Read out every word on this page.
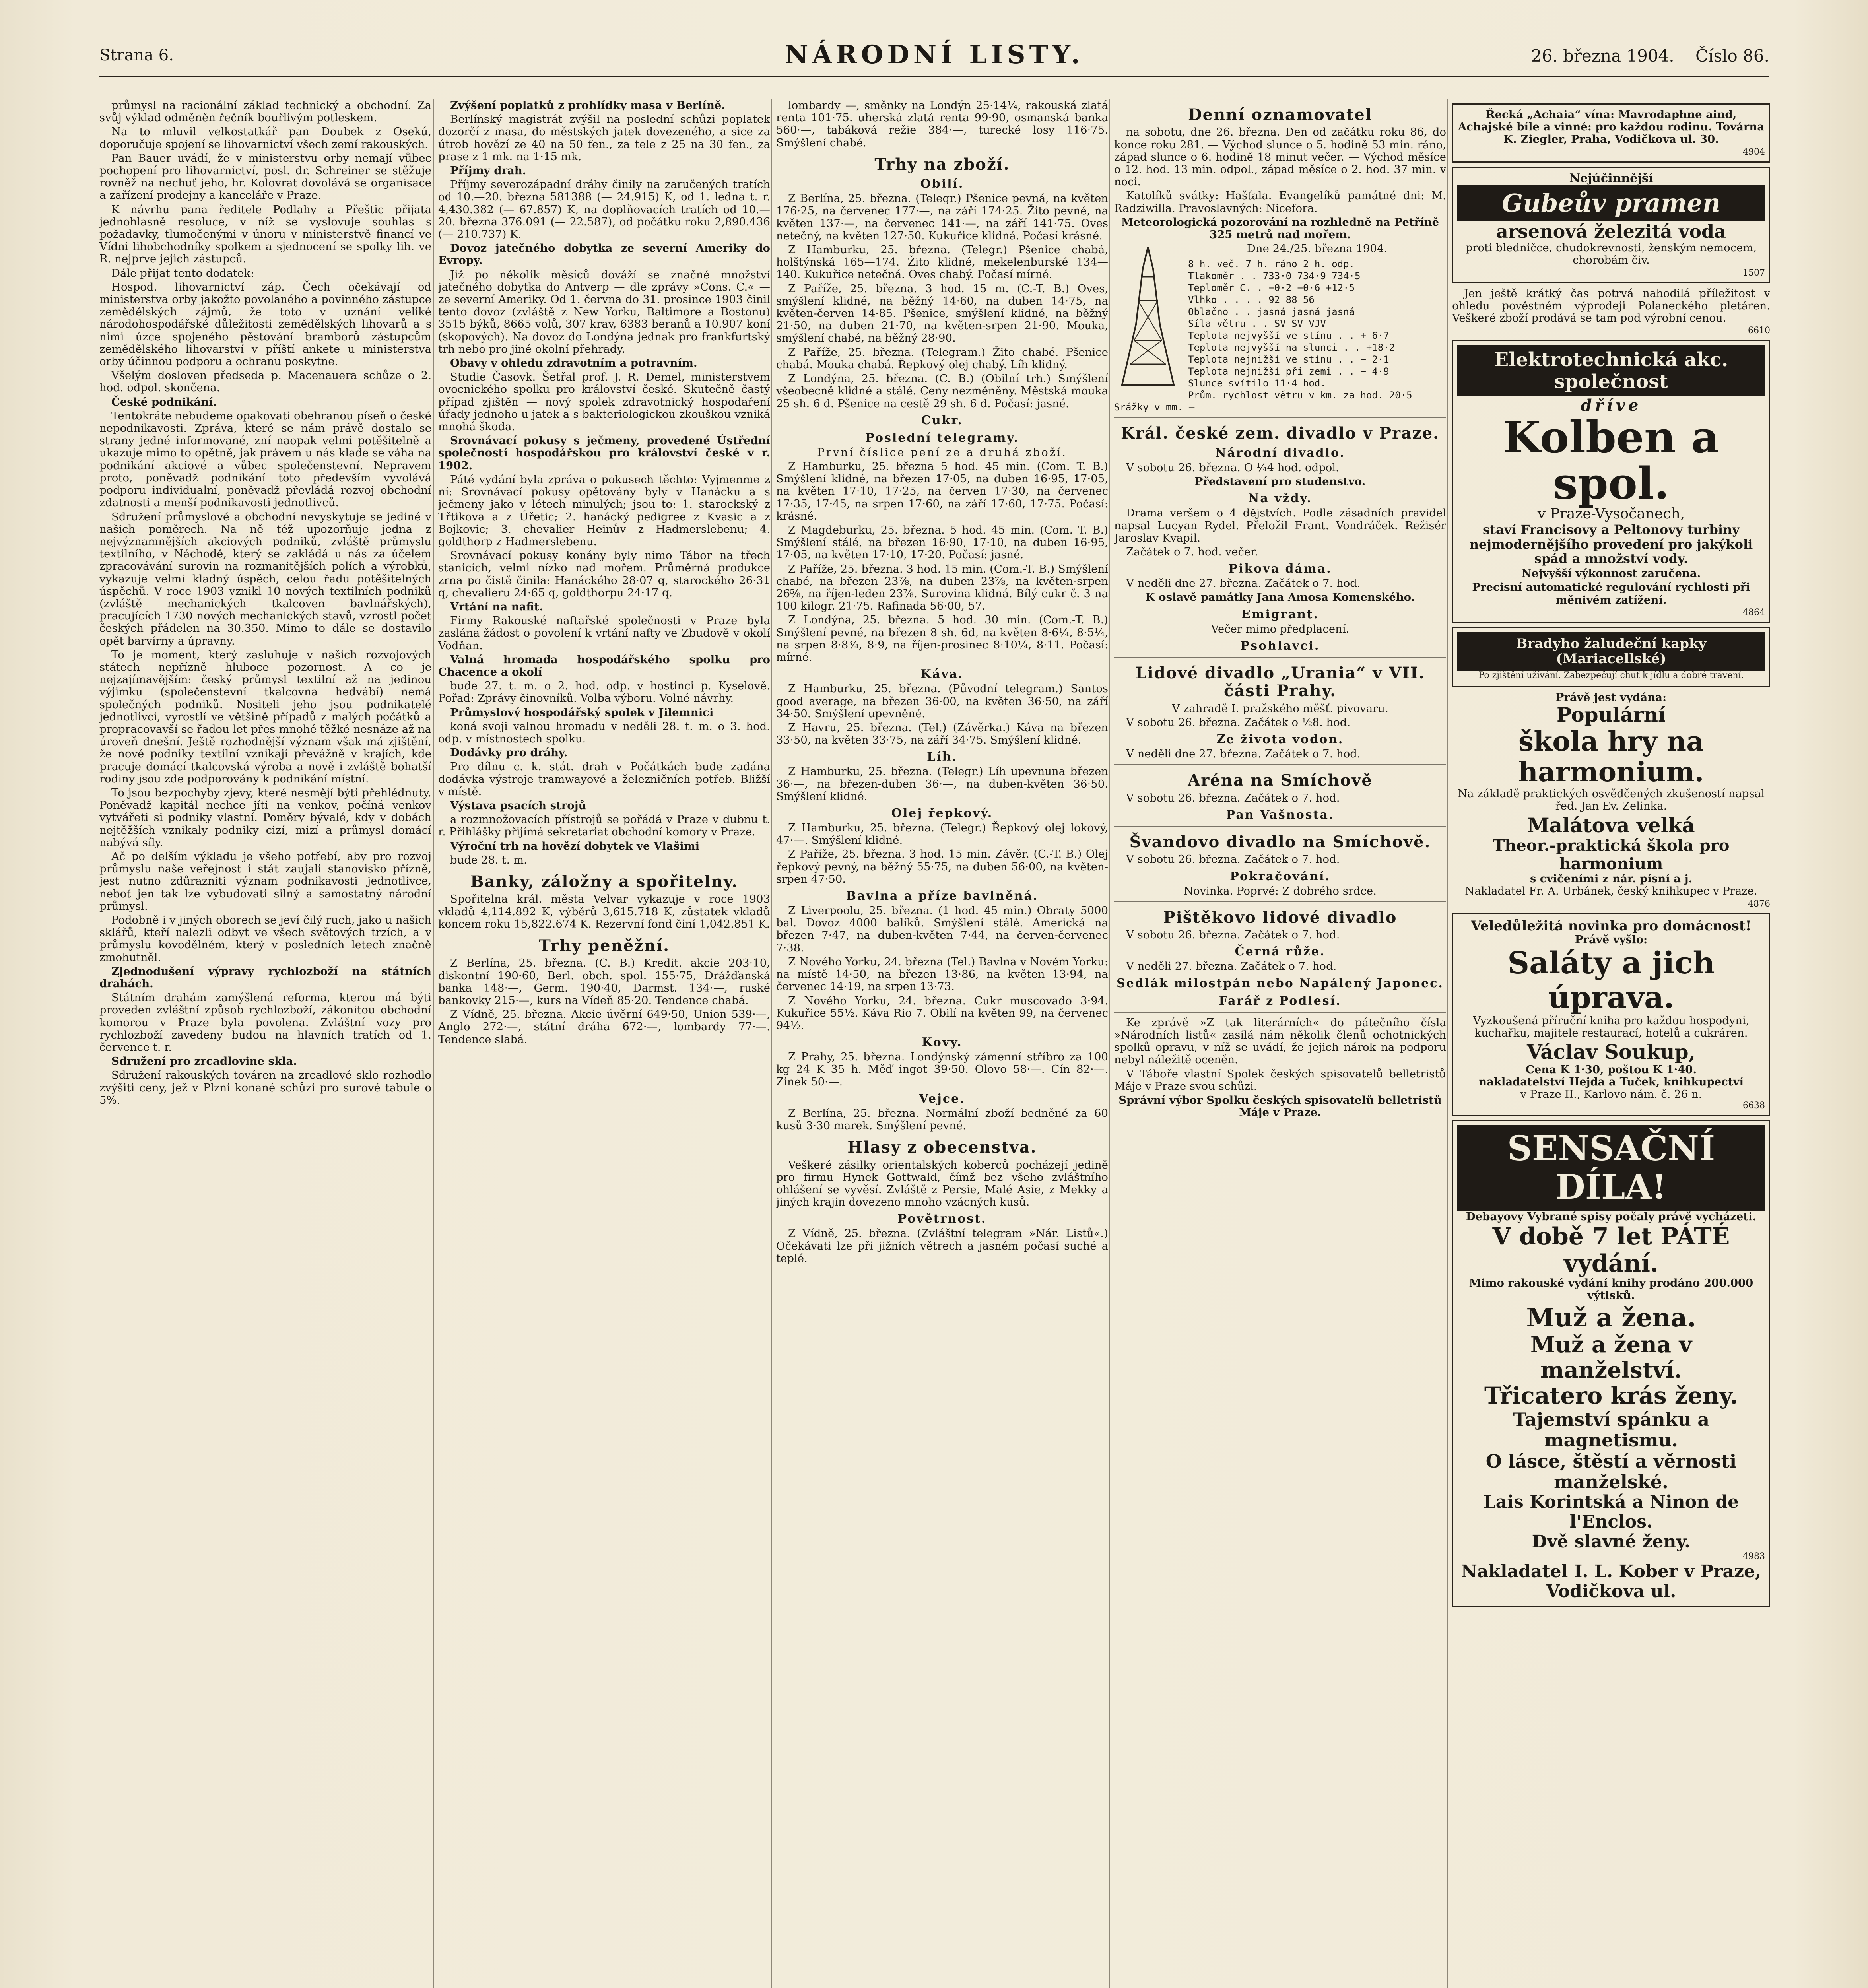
Strana 6.	NÁRODNÍ LISTY.	26. března 1904. Číslo 86.

průmysl na racionální základ technický a obchodní. Za svůj výklad odměněn řečník bouřlivým potleskem.

Na to mluvil velkostatkář pan Doubek z Osekú, doporučuje spojení se lihovarnictví všech zemí rakouských.

Pan Bauer uvádí, že v ministerstvu orby nemají vůbec pochopení pro lihovarnictví, posl. dr. Schreiner se stěžuje rovněž na nechuť jeho, hr. Kolovrat dovolává se organisace a zařízení prodejny a kanceláře v Praze.

K návrhu pana ředitele Podlahy a Přeštic přijata jednohlasně resoluce, v níž se vyslovuje souhlas s požadavky, tlumočenými v únoru v ministerstvě financí ve Vídni lihobchodníky spolkem a sjednocení se spolky lih. ve R. nejprve jejich zástupců.

Dále přijat tento dodatek:

Hospod. lihovarnictví záp. Čech očekávají od ministerstva orby jakožto povolaného a povinného zástupce zemědělských zájmů, že toto v uznání veliké národohospodářské důležitosti zemědělských lihovarů a s nimi úzce spojeného pěstování bramborů zástupcům zemědělského lihovarství v příští ankete u ministerstva orby účinnou podporu a ochranu poskytne.

Všelým dosloven předseda p. Macenauera schůze o 2. hod. odpol. skončena.

České podnikání.

Tentokráte nebudeme opakovati obehranou píseň o české nepodnikavosti. Zpráva, které se nám právě dostalo se strany jedné informované, zní naopak velmi potěšitelně a ukazuje mimo to opětně, jak právem u nás klade se váha na podnikání akciové a vůbec společenstevní. Nepravem proto, poněvadž podnikání toto především vyvolává podporu individualní, poněvadž převládá rozvoj obchodní zdatnosti a menší podnikavosti jednotlivců.

Sdružení průmyslové a obchodní nevyskytuje se jediné v našich poměrech. Na ně též upozorňuje jedna z nejvýznamnějších akciových podniků, zvláště průmyslu textilního, v Náchodě, který se zakládá u nás za účelem zpracovávání surovin na rozmanitějších polích a výrobků, vykazuje velmi kladný úspěch, celou řadu potěšitelných úspěchů. V roce 1903 vznikl 10 nových textilních podniků (zvláště mechanických tkalcoven bavlnářských), pracujících 1730 nových mechanických stavů, vzrostl počet českých přádelen na 30.350. Mimo to dále se dostavilo opět barvírny a úpravny.

To je moment, který zasluhuje v našich rozvojových státech nepřízně hluboce pozornost. A co je nejzajímavějším: český průmysl textilní až na jedinou výjimku (společenstevní tkalcovna hedvábí) nemá společných podniků. Nositeli jeho jsou podnikatelé jednotlivci, vyrostlí ve většině případů z malých počátků a propracovavší se řadou let přes mnohé těžké nesnáze až na úroveň dnešní. Ještě rozhodnější význam však má zjištění, že nové podniky textilní vznikají převážně v krajích, kde pracuje domácí tkalcovská výroba a nově i zvláště bohatší rodiny jsou zde podporovány k podnikání místní.

To jsou bezpochyby zjevy, které nesmějí býti přehlédnuty. Poněvadž kapitál nechce jíti na venkov, počíná venkov vytvářeti si podniky vlastní. Poměry bývalé, kdy v dobách nejtěžších vznikaly podniky cizí, mizí a průmysl domácí nabývá síly.

Ač po delším výkladu je všeho potřebí, aby pro rozvoj průmyslu naše veřejnost i stát zaujali stanovisko přízně, jest nutno zdůrazniti význam podnikavosti jednotlivce, neboť jen tak lze vybudovati silný a samostatný národní průmysl.

Podobně i v jiných oborech se jeví čilý ruch, jako u našich sklářů, kteří nalezli odbyt ve všech světových trzích, a v průmyslu kovodělném, který v posledních letech značně zmohutněl.

Zjednodušení výpravy rychlozboží na státních drahách.

Státním drahám zamýšlená reforma, kterou má býti proveden zvláštní způsob rychlozboží, zákonitou obchodní komorou v Praze byla povolena. Zvláštní vozy pro rychlozboží zavedeny budou na hlavních tratích od 1. července t. r.

Sdružení pro zrcadlovine skla.

Sdružení rakouských továren na zrcadlové sklo rozhodlo zvýšiti ceny, jež v Plzni konané schůzi pro surové tabule o 5%.

Zvýšení poplatků z prohlídky masa v Berlíně.

Berlínský magistrát zvýšil na poslední schůzi poplatek dozorčí z masa, do městských jatek dovezeného, a sice za útrob hovězí ze 40 na 50 fen., za tele z 25 na 30 fen., za prase z 1 mk. na 1·15 mk.

Příjmy drah.

Příjmy severozápadní dráhy činily na zaručených tratích od 10.—20. března 581388 (— 24.915) K, od 1. ledna t. r. 4,430.382 (— 67.857) K, na doplňovacích tratích od 10.—20. března 376.091 (— 22.587), od počátku roku 2,890.436 (— 210.737) K.

Dovoz jatečného dobytka ze severní Ameriky do Evropy.

Již po několik měsíců dováží se značné množství jatečného dobytka do Antverp — dle zprávy »Cons. C.« — ze severní Ameriky. Od 1. června do 31. prosince 1903 činil tento dovoz (zvláště z New Yorku, Baltimore a Bostonu) 3515 býků, 8665 volů, 307 krav, 6383 beranů a 10.907 koní (skopových). Na dovoz do Londýna jednak pro frankfurtský trh nebo pro jiné okolní přehrady.

Obavy v ohledu zdravotním a potravním.

Studie Časovk. Šetřal prof. J. R. Demel, ministerstvem ovocnického spolku pro království české. Skutečně častý případ zjištěn — nový spolek zdravotnický hospodaření úřady jednoho u jatek a s bakteriologickou zkouškou vzniká mnohá škoda.

Srovnávací pokusy s ječmeny, provedené Ústřední společností hospodářskou pro království české v r. 1902.

Páté vydání byla zpráva o pokusech těchto: Vyjmenme z ní: Srovnávací pokusy opětovány byly v Hanácku a s ječmeny jako v létech minulých; jsou to: 1. starockský z Třtikova a z Úřetic; 2. hanácký pedigree z Kvasic a z Bojkovic; 3. chevalier Heinův z Hadmerslebenu; 4. goldthorp z Hadmerslebenu.

Srovnávací pokusy konány byly nimo Tábor na třech stanicích, velmi nízko nad mořem. Průměrná produkce zrna po čistě činila: Hanáckého 28·07 q, starockého 26·31 q, chevalieru 24·65 q, goldthorpu 24·17 q.

Vrtání na nafit.

Firmy Rakouské naftařské společnosti v Praze byla zaslána žádost o povolení k vrtání nafty ve Zbudově v okolí Vodňan.

Valná hromada hospodářského spolku pro Chacence a okolí

bude 27. t. m. o 2. hod. odp. v hostinci p. Kyselově. Pořad: Zprávy činovníků. Volba výboru. Volné návrhy.

Průmyslový hospodářský spolek v Jilemnici

koná svoji valnou hromadu v neděli 28. t. m. o 3. hod. odp. v místnostech spolku.

Dodávky pro dráhy.

Pro dílnu c. k. stát. drah v Počátkách bude zadána dodávka výstroje tramwayové a železničních potřeb. Bližší v místě.

Výstava psacích strojů

a rozmnožovacích přístrojů se pořádá v Praze v dubnu t. r. Přihlášky přijímá sekretariat obchodní komory v Praze.

Výroční trh na hovězí dobytek ve Vlašimi

bude 28. t. m.

Banky, záložny a spořitelny.

Spořitelna král. města Velvar vykazuje v roce 1903 vkladů 4,114.892 K, výběrů 3,615.718 K, zůstatek vkladů koncem roku 15,822.674 K. Rezervní fond činí 1,042.851 K.

Trhy peněžní.

Z Berlína, 25. března. (C. B.) Kredit. akcie 203·10, diskontní 190·60, Berl. obch. spol. 155·75, Drážďanská banka 148·—, Germ. 190·40, Darmst. 134·—, ruské bankovky 215·—, kurs na Vídeň 85·20. Tendence chabá.

Z Vídně, 25. března. Akcie úvěrní 649·50, Union 539·—, Anglo 272·—, státní dráha 672·—, lombardy 77·—. Tendence slabá.

lombardy —, směnky na Londýn 25·14¼, rakouská zlatá renta 101·75. uherská zlatá renta 99·90, osmanská banka 560·—, tabáková režie 384·—, turecké losy 116·75. Smýšlení chabé.

Trhy na zboží.
Obilí.

Z Berlína, 25. března. (Telegr.) Pšenice pevná, na květen 176·25, na červenec 177·—, na září 174·25. Žito pevné, na květen 137·—, na červenec 141·—, na září 141·75. Oves netečný, na květen 127·50. Kukuřice klidná. Počasí krásné.

Z Hamburku, 25. března. (Telegr.) Pšenice chabá, holštýnská 165—174. Žito klidné, mekelenburské 134—140. Kukuřice netečná. Oves chabý. Počasí mírné.

Z Paříže, 25. března. 3 hod. 15 m. (C.-T. B.) Oves, smýšlení klidné, na běžný 14·60, na duben 14·75, na květen-červen 14·85. Pšenice, smýšlení klidné, na běžný 21·50, na duben 21·70, na květen-srpen 21·90. Mouka, smýšlení chabé, na běžný 28·90.

Z Paříže, 25. března. (Telegram.) Žito chabé. Pšenice chabá. Mouka chabá. Řepkový olej chabý. Líh klidný.

Z Londýna, 25. března. (C. B.) (Obilní trh.) Smýšlení všeobecně klidné a stálé. Ceny nezměněny. Městská mouka 25 sh. 6 d. Pšenice na cestě 29 sh. 6 d. Počasí: jasné.

Cukr.
Poslední telegramy.

První číslice pení ze a druhá zboží.

Z Hamburku, 25. března 5 hod. 45 min. (Com. T. B.) Smýšlení klidné, na březen 17·05, na duben 16·95, 17·05, na květen 17·10, 17·25, na červen 17·30, na červenec 17·35, 17·45, na srpen 17·60, na září 17·60, 17·75. Počasí: krásné.

Z Magdeburku, 25. března. 5 hod. 45 min. (Com. T. B.) Smýšlení stálé, na březen 16·90, 17·10, na duben 16·95, 17·05, na květen 17·10, 17·20. Počasí: jasné.

Z Paříže, 25. března. 3 hod. 15 min. (Com.-T. B.) Smýšlení chabé, na březen 23⅞, na duben 23⅞, na květen-srpen 26⅝, na říjen-leden 23⅞. Surovina klidná. Bílý cukr č. 3 na 100 kilogr. 21·75. Rafinada 56·00, 57.

Z Londýna, 25. března. 5 hod. 30 min. (Com.-T. B.) Smýšlení pevné, na březen 8 sh. 6d, na květen 8·6¼, 8·5¼, na srpen 8·8¾, 8·9, na říjen-prosinec 8·10¼, 8·11. Počasí: mírné.

Káva.

Z Hamburku, 25. března. (Původní telegram.) Santos good average, na březen 36·00, na květen 36·50, na září 34·50. Smýšlení upevněné.

Z Havru, 25. března. (Tel.) (Závěrka.) Káva na březen 33·50, na květen 33·75, na září 34·75. Smýšlení klidné.

Líh.

Z Hamburku, 25. března. (Telegr.) Líh upevnuna březen 36·—, na březen-duben 36·—, na duben-květen 36·50. Smýšlení klidné.

Olej řepkový.

Z Hamburku, 25. března. (Telegr.) Řepkový olej lokový, 47·—. Smýšlení klidné.

Z Paříže, 25. března. 3 hod. 15 min. Závěr. (C.-T. B.) Olej řepkový pevný, na běžný 55·75, na duben 56·00, na květen-srpen 47·50.

Bavlna a příze bavlněná.

Z Liverpoolu, 25. března. (1 hod. 45 min.) Obraty 5000 bal. Dovoz 4000 balíků. Smýšlení stálé. Americká na březen 7·47, na duben-květen 7·44, na červen-červenec 7·38.

Z Nového Yorku, 24. března (Tel.) Bavlna v Novém Yorku: na místě 14·50, na březen 13·86, na květen 13·94, na červenec 14·19, na srpen 13·73.

Z Nového Yorku, 24. března. Cukr muscovado 3·94. Kukuřice 55½. Káva Rio 7. Obilí na květen 99, na červenec 94½.

Kovy.

Z Prahy, 25. března. Londýnský zámenní stříbro za 100 kg 24 K 35 h. Měď ingot 39·50. Olovo 58·—. Cín 82·—. Zinek 50·—.

Vejce.

Z Berlína, 25. března. Normální zboží bedněné za 60 kusů 3·30 marek. Smýšlení pevné.

Hlasy z obecenstva.

Veškeré zásilky orientalských koberců pocházejí jedině pro firmu Hynek Gottwald, čímž bez všeho zvláštního ohlášení se vyvěsí. Zvláště z Persie, Malé Asie, z Mekky a jiných krajin dovezeno mnoho vzácných kusů.

Povětrnost.

Z Vídně, 25. března. (Zvláštní telegram »Nár. Listů«.) Očekávati lze při jižních větrech a jasném počasí suché a teplé.

Denní oznamovatel

na sobotu, dne 26. března. Den od začátku roku 86, do konce roku 281. — Východ slunce o 5. hodině 53 min. ráno, západ slunce o 6. hodině 18 minut večer. — Východ měsíce o 12. hod. 13 min. odpol., západ měsíce o 2. hod. 37 min. v noci.

Katolíků svátky: Hašťala. Evangelíků památné dni: M. Radziwilla. Pravoslavných: Nicefora.

Meteorologická pozorování na rozhledně na Petříně 325 metrů nad mořem.

Dne 24./25. března 1904.

8 h. več. 7 h. ráno 2 h. odp.
Tlakoměr . . 733·0 734·9 734·5
Teploměr C. . −0·2 −0·6 +12·5
Vlhko . . . . 92 88 56
Oblačno . . jasná jasná jasná
Síla větru . . SV SV VJV
Teplota nejvyšší ve stínu . . + 6·7
Teplota nejvyšší na slunci . . +18·2
Teplota nejnižší ve stínu . . − 2·1
Teplota nejnižší při zemi . . − 4·9
Slunce svítilo 11·4 hod.
Prům. rychlost větru v km. za hod. 20·5
Srážky v mm. —
Král. české zem. divadlo v Praze.
Národní divadlo.

V sobotu 26. března. O ¼4 hod. odpol.

Představení pro studenstvo.

Na vždy.

Drama veršem o 4 dějstvích. Podle zásadních pravidel napsal Lucyan Rydel. Přeložil Frant. Vondráček. Režisér Jaroslav Kvapil.

Začátek o 7. hod. večer.

Pikova dáma.

V neděli dne 27. března. Začátek o 7. hod.

K oslavě památky Jana Amosa Komenského.

Emigrant.

Večer mimo předplacení.

Psohlavci.
Lidové divadlo „Urania“ v VII. části Prahy.

V zahradě I. pražského měšť. pivovaru.

V sobotu 26. března. Začátek o ½8. hod.

Ze života vodon.

V neděli dne 27. března. Začátek o 7. hod.

Aréna na Smíchově

V sobotu 26. března. Začátek o 7. hod.

Pan Vašnosta.
Švandovo divadlo na Smíchově.

V sobotu 26. března. Začátek o 7. hod.

Pokračování.

Novinka. Poprvé: Z dobrého srdce.

Pištěkovo lidové divadlo

V sobotu 26. března. Začátek o 7. hod.

Černá růže.

V neděli 27. března. Začátek o 7. hod.

Sedlák milostpán nebo Napálený Japonec.
Farář z Podlesí.

Ke zprávě »Z tak literárních« do pátečního čísla »Národních listů« zasílá nám několik členů ochotnických spolků opravu, v níž se uvádí, že jejich nárok na podporu nebyl náležitě oceněn.

V Táboře vlastní Spolek českých spisovatelů belletristů Máje v Praze svou schůzi.

Správní výbor Spolku českých spisovatelů belletristů Máje v Praze.

Řecká „Achaia“ vína: Mavrodaphne aind, Achajské bíle a vinné: pro každou rodinu. Továrna K. Ziegler, Praha, Vodičkova ul. 30.

4904
Nejúčinnější
Gubeův pramen
arsenová železitá voda

proti bledničce, chudokrevnosti, ženským nemocem, chorobám čiv.

1507

Jen ještě krátký čas potrvá nahodilá příležitost v ohledu pověstném výprodeji Polaneckého pletáren. Veškeré zboží prodává se tam pod výrobní cenou.

6610
Elektrotechnická akc. společnost
dříve
Kolben a spol.
v Praze-Vysočanech,

staví Francisovy a Peltonovy turbiny nejmodernějšího provedení pro jakýkoli spád a množství vody.

Nejvyšší výkonnost zaručena.

Precisní automatické regulování rychlosti při měnivém zatížení.

4864
Bradyho žaludeční kapky (Mariacellské)

Po zjištění užívání. Zabezpečují chuť k jídlu a dobré trávení.

Právě jest vydána:
Populární
škola hry na harmonium.

Na základě praktických osvědčených zkušeností napsal řed. Jan Ev. Zelinka.

Malátova velká
Theor.-praktická škola pro harmonium
s cvičeními z nár. písní a j.

Nakladatel Fr. A. Urbánek, český knihkupec v Praze.

4876
Veledůležitá novinka pro domácnost!
Právě vyšlo:
Saláty a jich úprava.

Vyzkoušená příruční kniha pro každou hospodyni, kuchařku, majitele restaurací, hotelů a cukráren.

Václav Soukup,
Cena K 1·30, poštou K 1·40.
nakladatelství Hejda a Tuček, knihkupectví
v Praze II., Karlovo nám. č. 26 n.
6638
SENSAČNÍ DÍLA!
Debayovy Vybrané spisy počaly právě vycházeti.
V době 7 let PÁTÉ vydání.

Mimo rakouské vydání knihy prodáno 200.000 výtisků.

Muž a žena.
Muž a žena v manželství.
Třicatero krás ženy.
Tajemství spánku a magnetismu.
O lásce, štěstí a věrnosti manželské.
Lais Korintská a Ninon de l'Enclos.
Dvě slavné ženy.
4983
Nakladatel I. L. Kober v Praze, Vodičkova ul.
